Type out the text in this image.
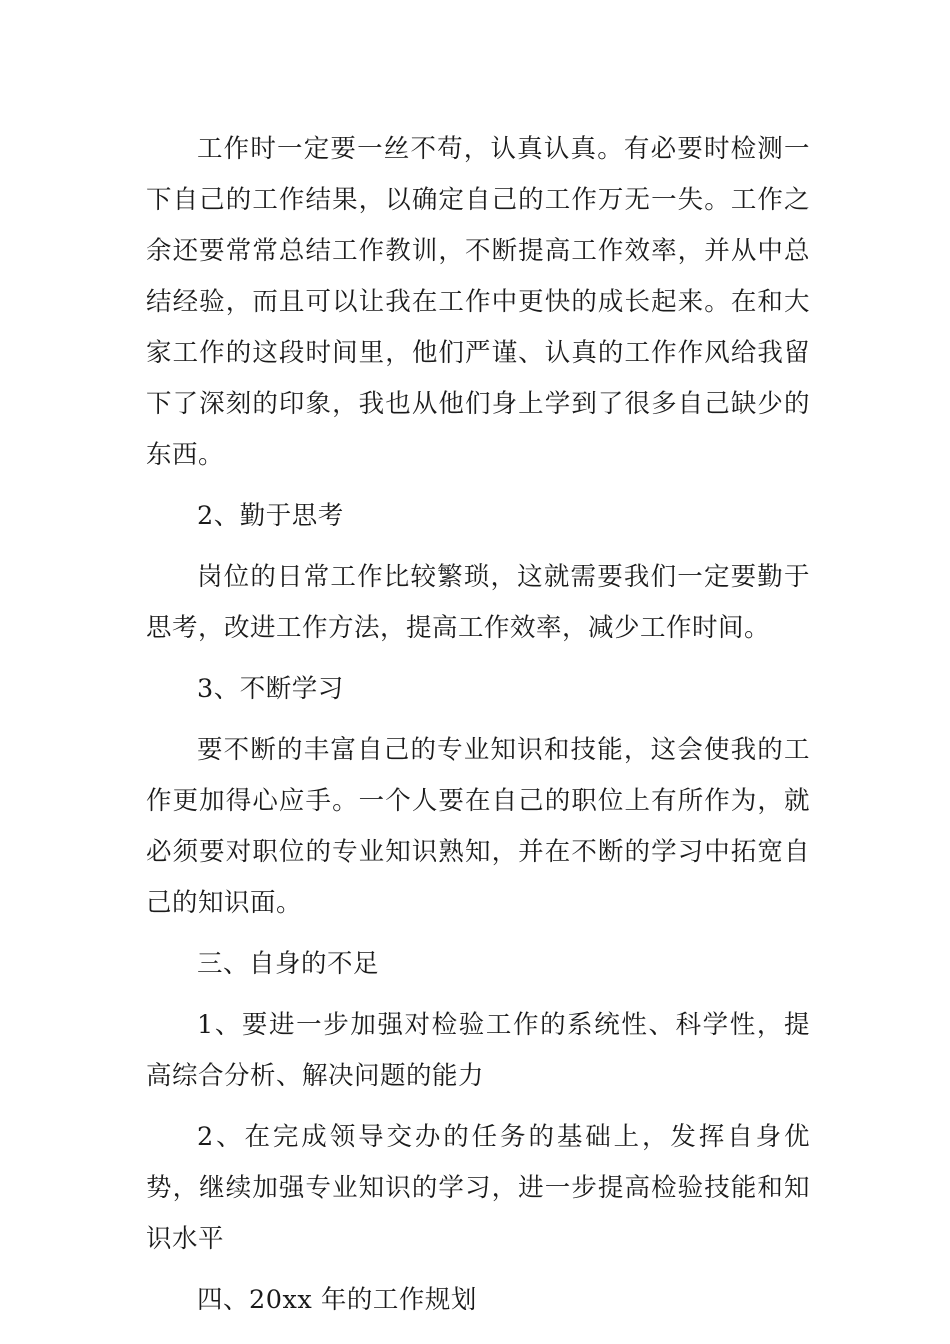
工作时一定要一丝不苟，认真认真。有必要时检测一下自己的工作结果，以确定自己的工作万无一失。工作之余还要常常总结工作教训，不断提高工作效率，并从中总结经验，而且可以让我在工作中更快的成长起来。在和大家工作的这段时间里，他们严谨、认真的工作作风给我留下了深刻的印象，我也从他们身上学到了很多自己缺少的东西。

2、勤于思考

岗位的日常工作比较繁琐，这就需要我们一定要勤于思考，改进工作方法，提高工作效率，减少工作时间。

3、不断学习

要不断的丰富自己的专业知识和技能，这会使我的工作更加得心应手。一个人要在自己的职位上有所作为，就必须要对职位的专业知识熟知，并在不断的学习中拓宽自己的知识面。

三、自身的不足

1、要进一步加强对检验工作的系统性、科学性，提高综合分析、解决问题的能力

2、在完成领导交办的任务的基础上，发挥自身优势，继续加强专业知识的学习，进一步提高检验技能和知识水平

四、20xx 年的工作规划
